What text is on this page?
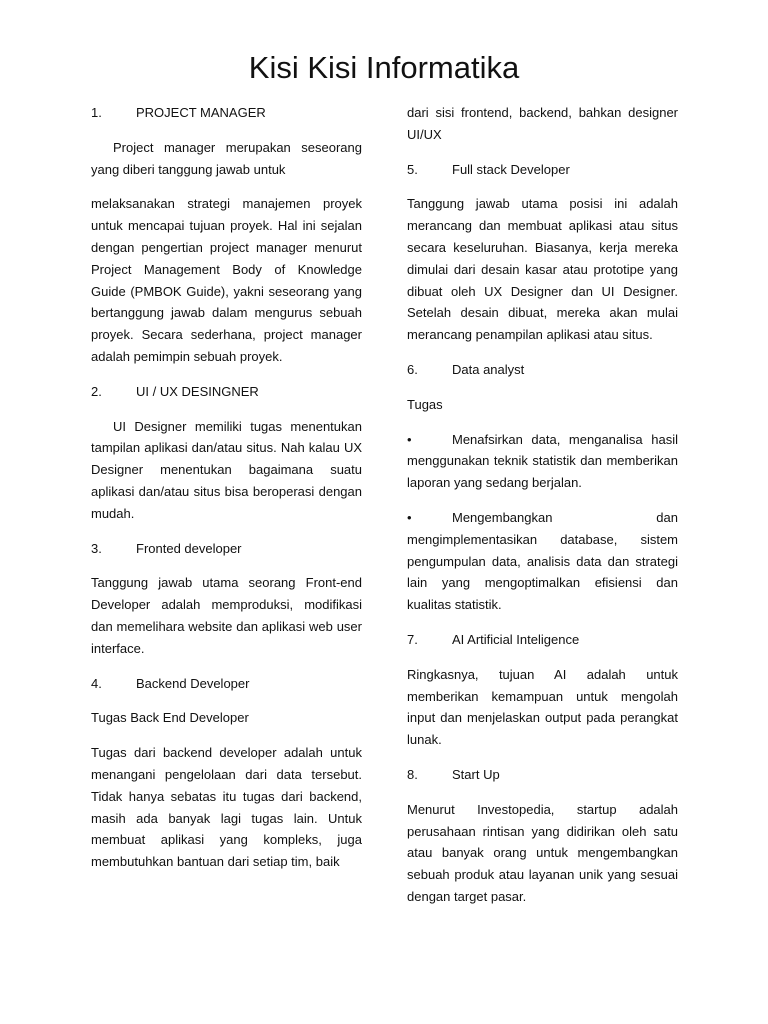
Kisi Kisi Informatika
1.	PROJECT MANAGER

Project manager merupakan seseorang yang diberi tanggung jawab untuk

melaksanakan strategi manajemen proyek untuk mencapai tujuan proyek. Hal ini sejalan dengan pengertian project manager menurut Project Management Body of Knowledge Guide (PMBOK Guide), yakni seseorang yang bertanggung jawab dalam mengurus sebuah proyek. Secara sederhana, project manager adalah pemimpin sebuah proyek.

2.	UI / UX DESINGNER

UI Designer memiliki tugas menentukan tampilan aplikasi dan/atau situs. Nah kalau UX Designer menentukan bagaimana suatu aplikasi dan/atau situs bisa beroperasi dengan mudah.

3.	Fronted developer

Tanggung jawab utama seorang Front-end Developer adalah memproduksi, modifikasi dan memelihara website dan aplikasi web user interface.

4.	Backend Developer

Tugas Back End Developer

Tugas dari backend developer adalah untuk menangani pengelolaan dari data tersebut. Tidak hanya sebatas itu tugas dari backend, masih ada banyak lagi tugas lain. Untuk membuat aplikasi yang kompleks, juga membutuhkan bantuan dari setiap tim, baik

dari sisi frontend, backend, bahkan designer UI/UX

5.	Full stack Developer

Tanggung jawab utama posisi ini adalah merancang dan membuat aplikasi atau situs secara keseluruhan. Biasanya, kerja mereka dimulai dari desain kasar atau prototipe yang dibuat oleh UX Designer dan UI Designer. Setelah desain dibuat, mereka akan mulai merancang penampilan aplikasi atau situs.

6.	Data analyst

Tugas

•	Menafsirkan data, menganalisa hasil menggunakan teknik statistik dan memberikan laporan yang sedang berjalan.

•	Mengembangkan dan mengimplementasikan database, sistem pengumpulan data, analisis data dan strategi lain yang mengoptimalkan efisiensi dan kualitas statistik.

7.	AI Artificial Inteligence

Ringkasnya, tujuan AI adalah untuk memberikan kemampuan untuk mengolah input dan menjelaskan output pada perangkat lunak.

8.	Start Up

Menurut Investopedia, startup adalah perusahaan rintisan yang didirikan oleh satu atau banyak orang untuk mengembangkan sebuah produk atau layanan unik yang sesuai dengan target pasar.
